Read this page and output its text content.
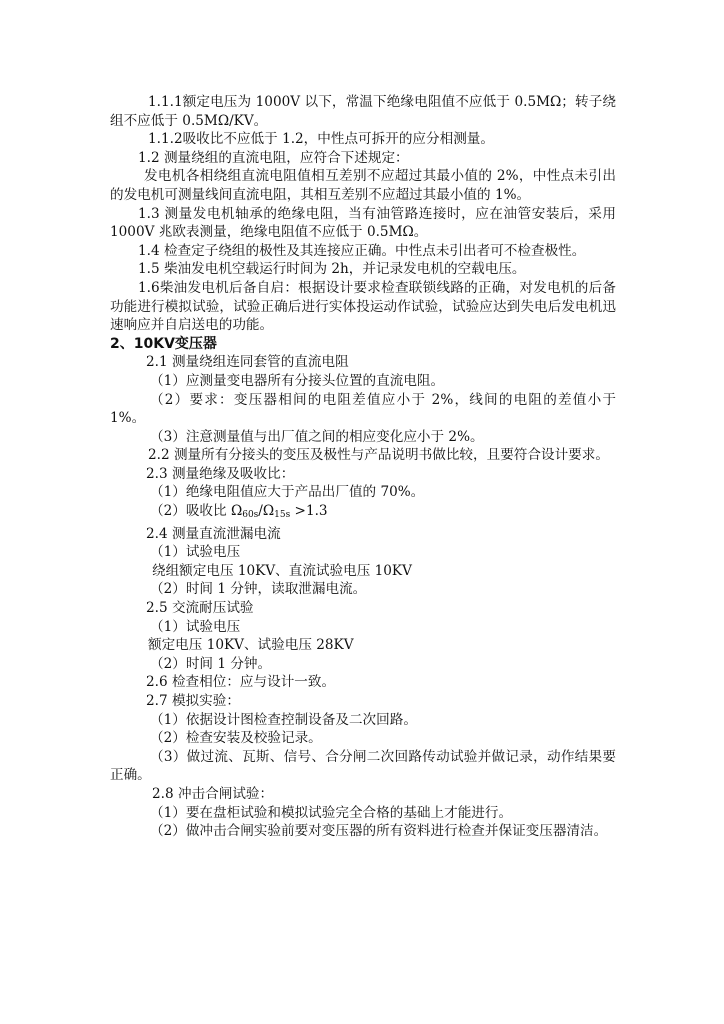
1.1.1额定电压为 1000V 以下，常温下绝缘电阻值不应低于 0.5MΩ；转子绕组不应低于 0.5MΩ/KV。

1.1.2吸收比不应低于 1.2，中性点可拆开的应分相测量。

1.2 测量绕组的直流电阻，应符合下述规定：

发电机各相绕组直流电阻值相互差别不应超过其最小值的 2%，中性点未引出的发电机可测量线间直流电阻，其相互差别不应超过其最小值的 1%。

1.3 测量发电机轴承的绝缘电阻，当有油管路连接时，应在油管安装后，采用 1000V 兆欧表测量，绝缘电阻值不应低于 0.5MΩ。

1.4 检查定子绕组的极性及其连接应正确。中性点未引出者可不检查极性。

1.5 柴油发电机空载运行时间为 2h，并记录发电机的空载电压。

1.6柴油发电机后备自启：根据设计要求检查联锁线路的正确，对发电机的后备功能进行模拟试验，试验正确后进行实体投运动作试验，试验应达到失电后发电机迅速响应并自启送电的功能。

2、10KV变压器

2.1 测量绕组连同套管的直流电阻

（1）应测量变电器所有分接头位置的直流电阻。

（2）要求：变压器相间的电阻差值应小于 2%，线间的电阻的差值小于 1%。

（3）注意测量值与出厂值之间的相应变化应小于 2%。

2.2 测量所有分接头的变压及极性与产品说明书做比较，且要符合设计要求。

2.3 测量绝缘及吸收比：

（1）绝缘电阻值应大于产品出厂值的 70%。

（2）吸收比 $\Omega_{60s}/\Omega_{15s} >1.3$

2.4 测量直流泄漏电流

（1）试验电压

绕组额定电压 10KV、直流试验电压 10KV

（2）时间 1 分钟，读取泄漏电流。

2.5 交流耐压试验

（1）试验电压

额定电压 10KV、试验电压 28KV

（2）时间 1 分钟。

2.6 检查相位：应与设计一致。

2.7 模拟实验：

（1）依据设计图检查控制设备及二次回路。

（2）检查安装及校验记录。

（3）做过流、瓦斯、信号、合分闸二次回路传动试验并做记录，动作结果要正确。

2.8 冲击合闸试验：

（1）要在盘柜试验和模拟试验完全合格的基础上才能进行。

（2）做冲击合闸实验前要对变压器的所有资料进行检查并保证变压器清洁。
